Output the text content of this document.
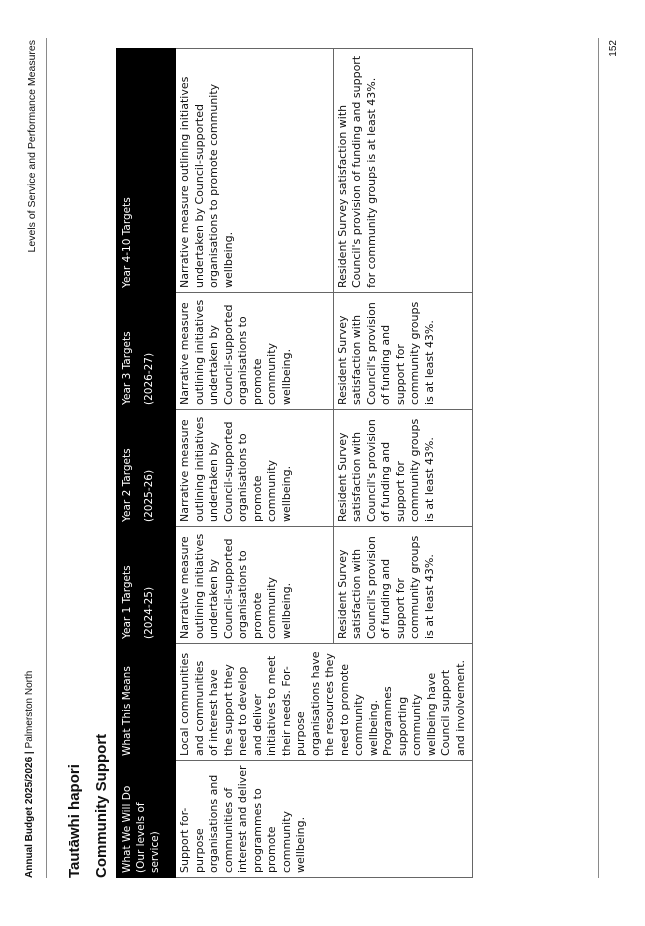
Annual Budget 2025/2026 | Palmerston North
Levels of Service and Performance Measures
Tautāwhi hapori Community Support What We Will Do (Our levels of service)	What This Means	Year 1 Targets (2024-25)	Year 2 Targets (2025-26)	Year 3 Targets (2026-27)	Year 4-10 Targets
Support for-purpose organisations and communities of interest and deliver programmes to promote community wellbeing.	Local communities and communities of interest have the support they need to develop and deliver initiatives to meet their needs. For-purpose organisations have the resources they need to promote community wellbeing. Programmes supporting community wellbeing have Council support and involvement.	Narrative measure outlining initiatives undertaken by Council-supported organisations to promote community wellbeing.	Narrative measure outlining initiatives undertaken by Council-supported organisations to promote community wellbeing.	Narrative measure outlining initiatives undertaken by Council-supported organisations to promote community wellbeing.	Narrative measure outlining initiatives undertaken by Council-supported organisations to promote community wellbeing.
		Resident Survey satisfaction with Council's provision of funding and support for community groups is at least 43%.	Resident Survey satisfaction with Council's provision of funding and support for community groups is at least 43%.	Resident Survey satisfaction with Council's provision of funding and support for community groups is at least 43%.	Resident Survey satisfaction with Council's provision of funding and support for community groups is at least 43%.
152
